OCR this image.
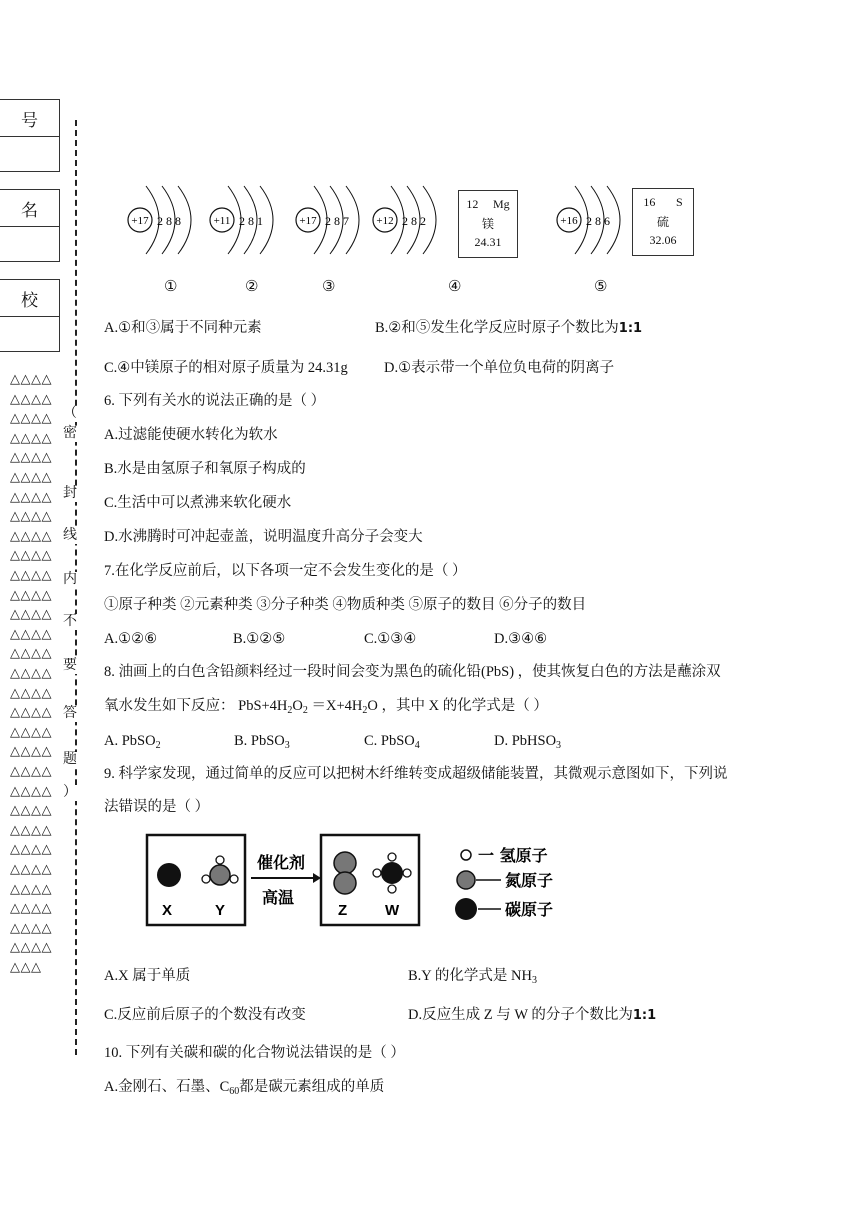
号
名
校
△△△△
△△△△
△△△△
△△△△
△△△△
△△△△
△△△△
△△△△
△△△△
△△△△
△△△△
△△△△
△△△△
△△△△
△△△△
△△△△
△△△△
△△△△
△△△△
△△△△
△△△△
△△△△
△△△△
△△△△
△△△△
△△△△
△△△△
△△△△
△△△△
△△△△
△△△
（
密
封
线
内
不
要
答
题
）
+17 2 8 8	+11 2 8 1	+17 2 8 7 +12 2 8 2	+16 2 8 6
12 Mg
镁
24.31
16 S
硫
32.06
①	②	③	④	⑤
A.①和③属于不同种元素	B.②和⑤发生化学反应时原子个数比为1:1
C.④中镁原子的相对原子质量为 24.31g D.①表示带一个单位负电荷的阴离子
6. 下列有关水的说法正确的是（ ）
A.过滤能使硬水转化为软水
B.水是由氢原子和氧原子构成的
C.生活中可以煮沸来软化硬水
D.水沸腾时可冲起壶盖，说明温度升高分子会变大
7.在化学反应前后，以下各项一定不会发生变化的是（ ）
①原子种类 ②元素种类 ③分子种类 ④物质种类 ⑤原子的数目 ⑥分子的数目
A.①②⑥	B.①②⑤	C.①③④	D.③④⑥
8. 油画上的白色含铅颜料经过一段时间会变为黑色的硫化铅(PbS) ，使其恢复白色的方法是蘸涂双
氧水发生如下反应： $PbS+4H_2O_2 =X+4H_2O$ ，其中 X 的化学式是（ ）
A. PbSO$_2$	B. PbSO$_3$	C. PbSO$_4$	D. PbHSO$_3$
9. 科学家发现，通过简单的反应可以把树木纤维转变成超级储能装置，其微观示意图如下，下列说
法错误的是（ ）
X	Y
催化剂
高温
Z	W
一 氢原子
氮原子
碳原子
A.X 属于单质	B.Y 的化学式是 $NH_3$
C.反应前后原子的个数没有改变	D.反应生成 Z 与 W 的分子个数比为1:1
10. 下列有关碳和碳的化合物说法错误的是（ ）
A.金刚石、石墨、$C_{60}$都是碳元素组成的单质
